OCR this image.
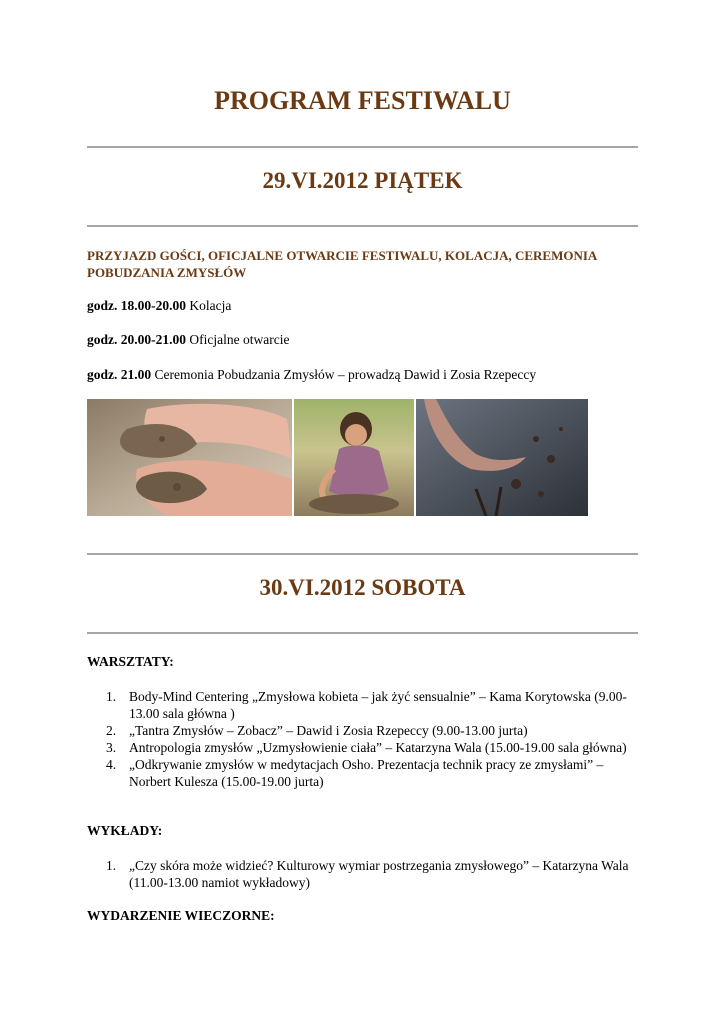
PROGRAM FESTIWALU
29.VI.2012 PIĄTEK

PRZYJAZD GOŚCI, OFICJALNE OTWARCIE FESTIWALU, KOLACJA, CEREMONIA POBUDZANIA ZMYSŁÓW

godz. 18.00-20.00 Kolacja

godz. 20.00-21.00 Oficjalne otwarcie

godz. 21.00 Ceremonia Pobudzania Zmysłów – prowadzą Dawid i Zosia Rzepeccy

30.VI.2012 SOBOTA

WARSZTATY:

1. Body-Mind Centering „Zmysłowa kobieta – jak żyć sensualnie” – Kama Korytowska (9.00-13.00 sala główna )
2. „Tantra Zmysłów – Zobacz” – Dawid i Zosia Rzepeccy (9.00-13.00 jurta)
3. Antropologia zmysłów „Uzmysłowienie ciała” – Katarzyna Wala (15.00-19.00 sala główna)
4. „Odkrywanie zmysłów w medytacjach Osho. Prezentacja technik pracy ze zmysłami” – Norbert Kulesza (15.00-19.00 jurta)

WYKŁADY:

1. „Czy skóra może widzieć? Kulturowy wymiar postrzegania zmysłowego” – Katarzyna Wala (11.00-13.00 namiot wykładowy)

WYDARZENIE WIECZORNE:
